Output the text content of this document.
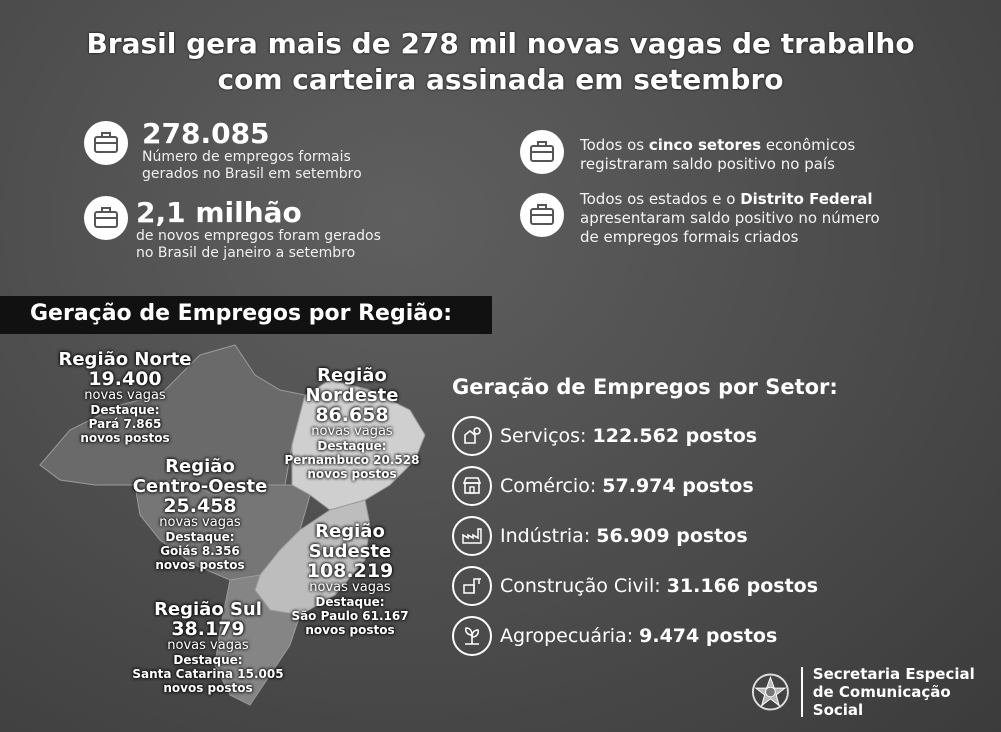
Brasil gera mais de 278 mil novas vagas de trabalho
com carteira assinada em setembro
278.085
Número de empregos formais
gerados no Brasil em setembro
2,1 milhão
de novos empregos foram gerados
no Brasil de janeiro a setembro
Todos os cinco setores econômicos
registraram saldo positivo no país
Todos os estados e o Distrito Federal
apresentaram saldo positivo no número
de empregos formais criados
Geração de Empregos por Região:
Região Norte
19.400
novas vagas
Destaque:
Pará 7.865
novos postos
Região
Nordeste
86.658
novas vagas
Destaque:
Pernambuco 20.528
novos postos
Região
Centro-Oeste
25.458
novas vagas
Destaque:
Goiás 8.356
novos postos
Região
Sudeste
108.219
novas vagas
Destaque:
São Paulo 61.167
novos postos
Região Sul
38.179
novas vagas
Destaque:
Santa Catarina 15.005
novos postos
Geração de Empregos por Setor:
Serviços: 122.562 postos
Comércio: 57.974 postos
Indústria: 56.909 postos
Construção Civil: 31.166 postos
Agropecuária: 9.474 postos
Secretaria Especial
de Comunicação Social
